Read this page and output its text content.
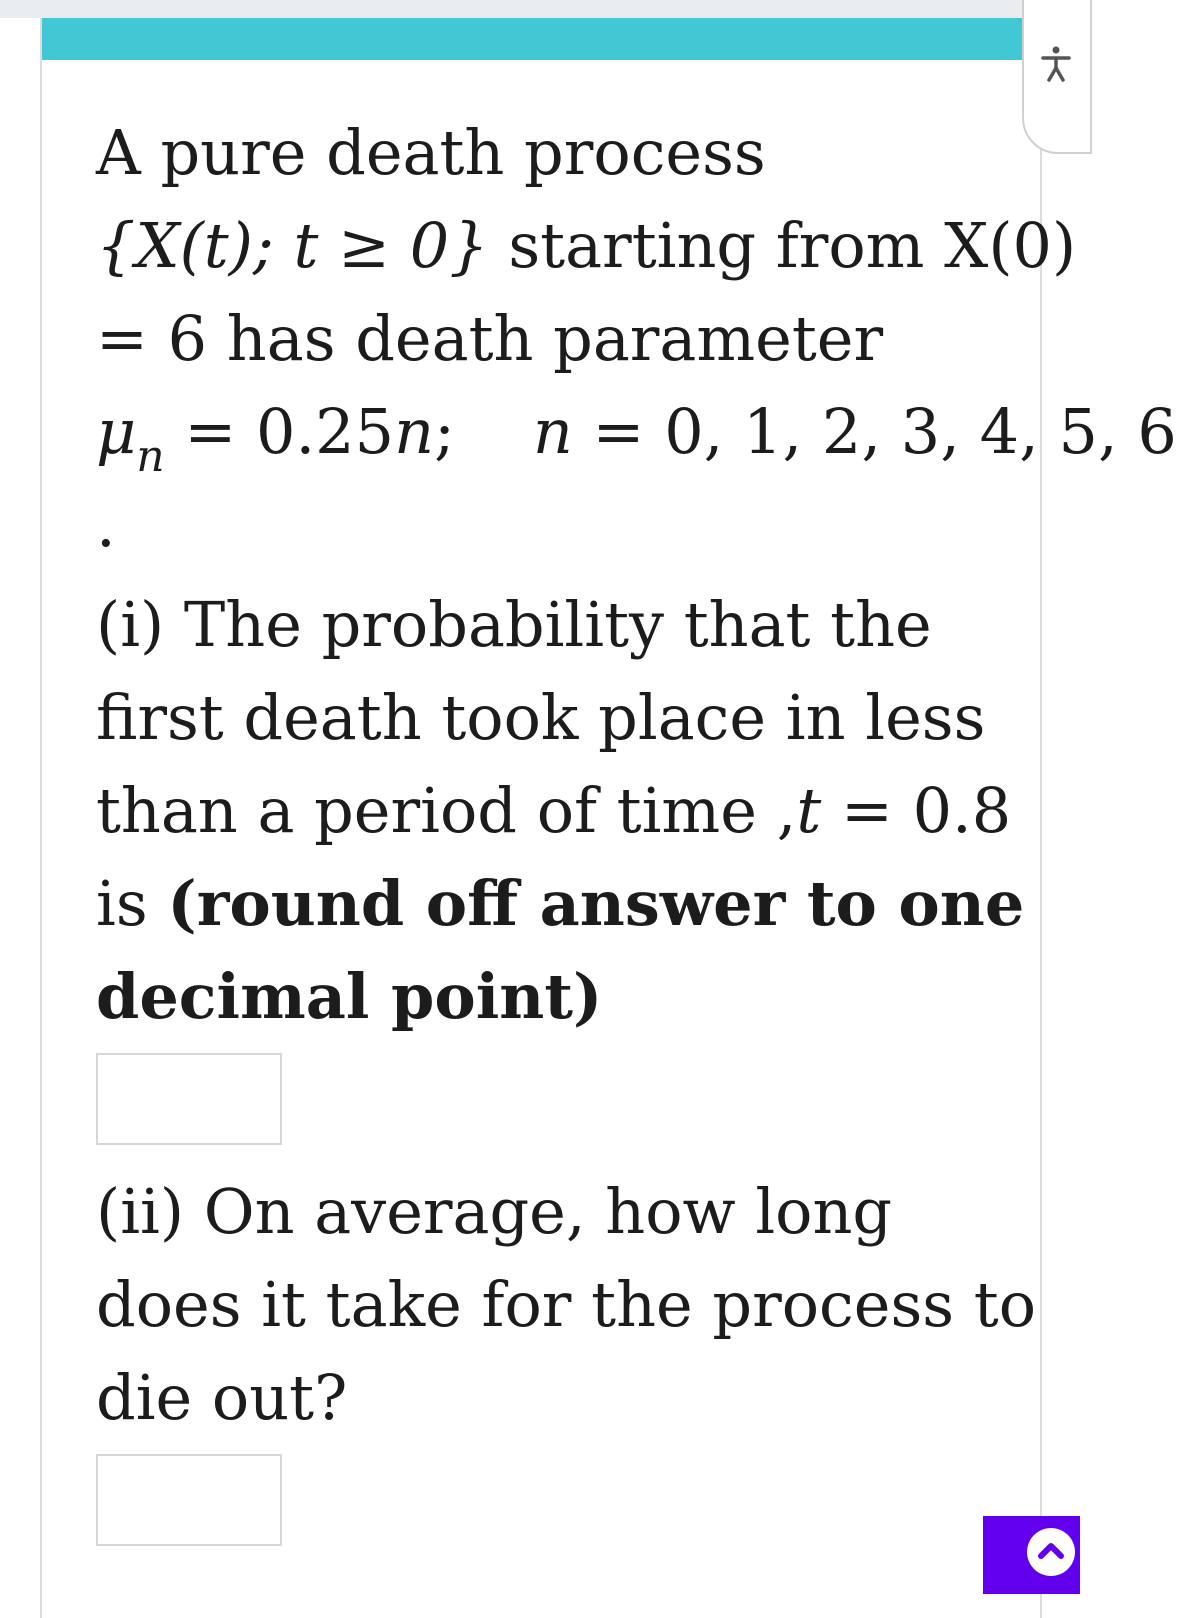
A pure death process

{X(t); t ≥ 0} starting from X(0)

= 6 has death parameter

$\mu_n = 0.25n$; n = 0, 1, 2, 3, 4, 5, 6

.

(i) The probability that the

first death took place in less

than a period of time ,t = 0.8

is (round off answer to one

decimal point)

(ii) On average, how long

does it take for the process to

die out?
